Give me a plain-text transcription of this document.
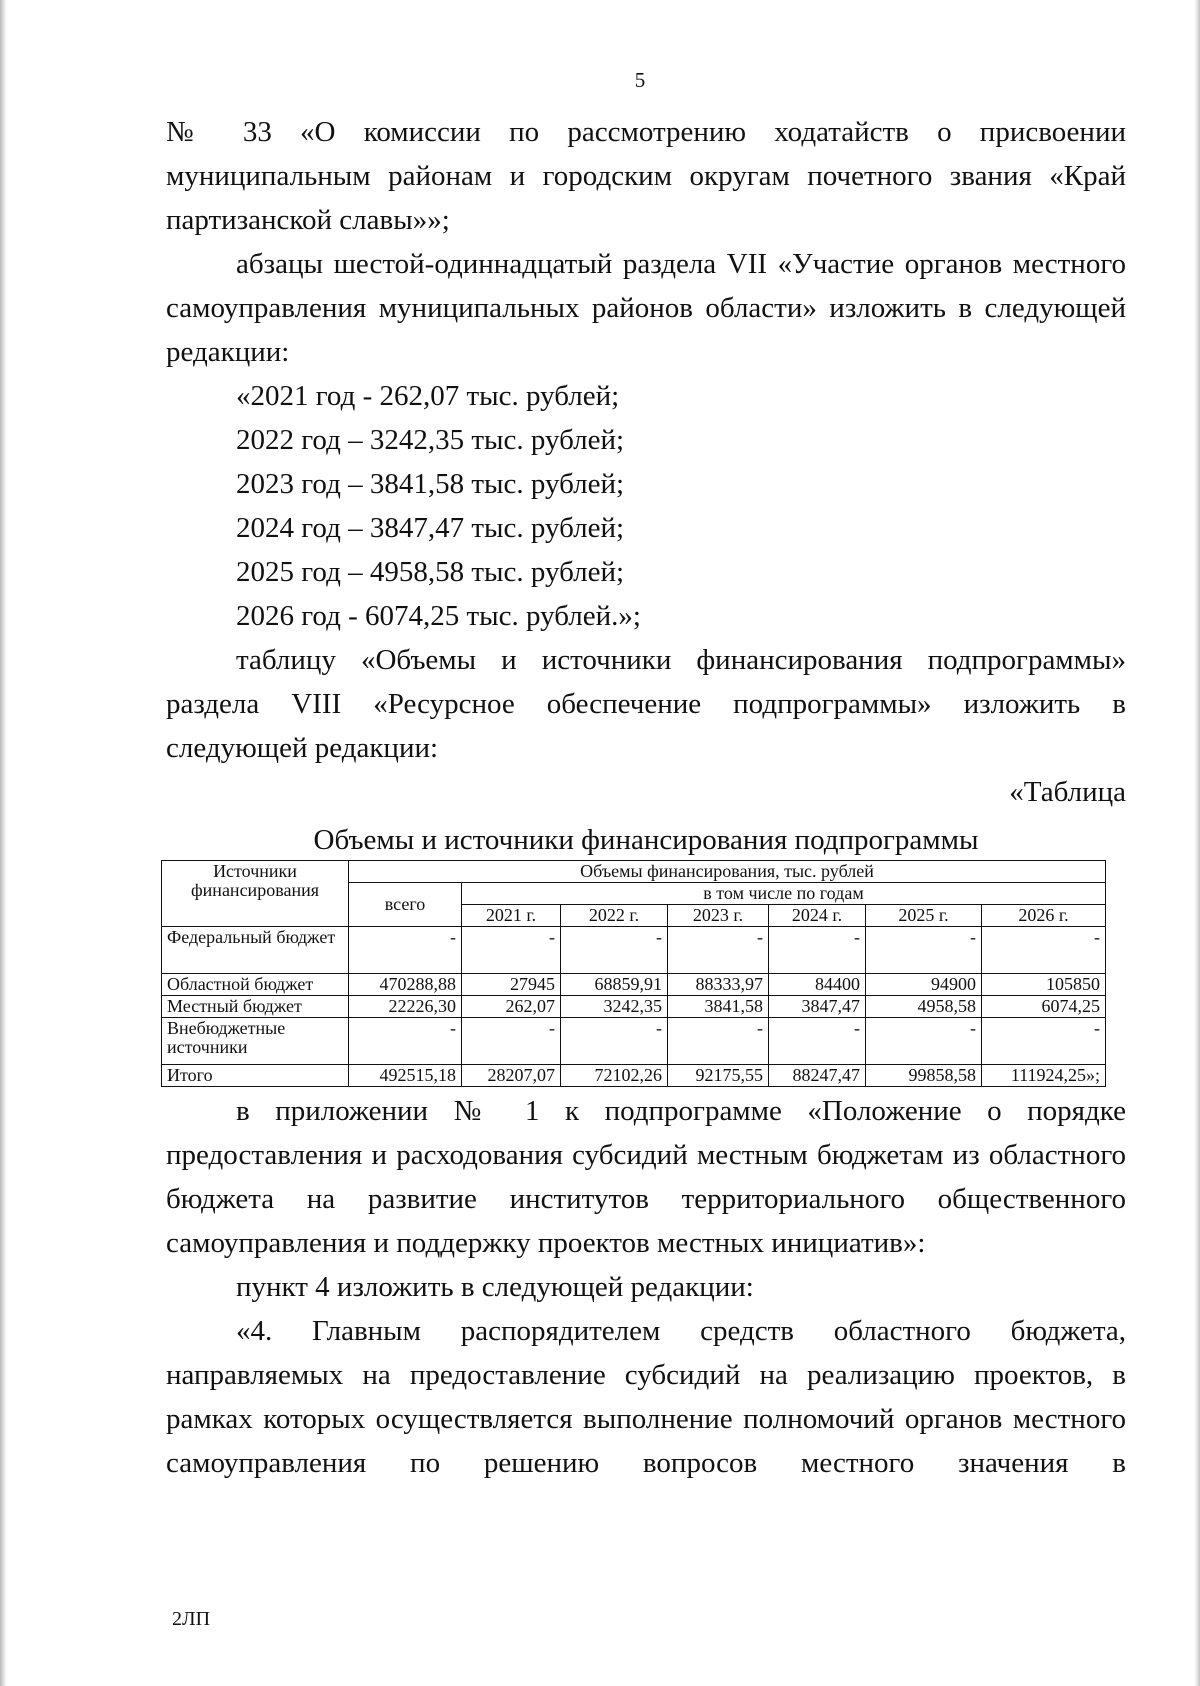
5

№ 33 «О комиссии по рассмотрению ходатайств о присвоении муниципальным районам и городским округам почетного звания «Край партизанской славы»»;

абзацы шестой-одиннадцатый раздела VII «Участие органов местного самоуправления муниципальных районов области» изложить в следующей редакции:

«2021 год - 262,07 тыс. рублей;

2022 год – 3242,35 тыс. рублей;

2023 год – 3841,58 тыс. рублей;

2024 год – 3847,47 тыс. рублей;

2025 год – 4958,58 тыс. рублей;

2026 год - 6074,25 тыс. рублей.»;

таблицу «Объемы и источники финансирования подпрограммы» раздела VIII «Ресурсное обеспечение подпрограммы» изложить в следующей редакции:

«Таблица

Объемы и источники финансирования подпрограммы

Источники финансирования	Объемы финансирования, тыс. рублей						
	всего	в том числе по годам					
		2021 г.	2022 г.	2023 г.	2024 г.	2025 г.	2026 г.
Федеральный бюджет	-	-	-	-	-	-	-
Областной бюджет	470288,88	27945	68859,91	88333,97	84400	94900	105850
Местный бюджет	22226,30	262,07	3242,35	3841,58	3847,47	4958,58	6074,25
Внебюджетные источники	-	-	-	-	-	-	-
Итого	492515,18	28207,07	72102,26	92175,55	88247,47	99858,58	111924,25»;

в приложении № 1 к подпрограмме «Положение о порядке предоставления и расходования субсидий местным бюджетам из областного бюджета на развитие институтов территориального общественного самоуправления и поддержку проектов местных инициатив»:

пункт 4 изложить в следующей редакции:

«4. Главным распорядителем средств областного бюджета, направляемых на предоставление субсидий на реализацию проектов, в рамках которых осуществляется выполнение полномочий органов местного самоуправления по решению вопросов местного значения в

2ЛП
